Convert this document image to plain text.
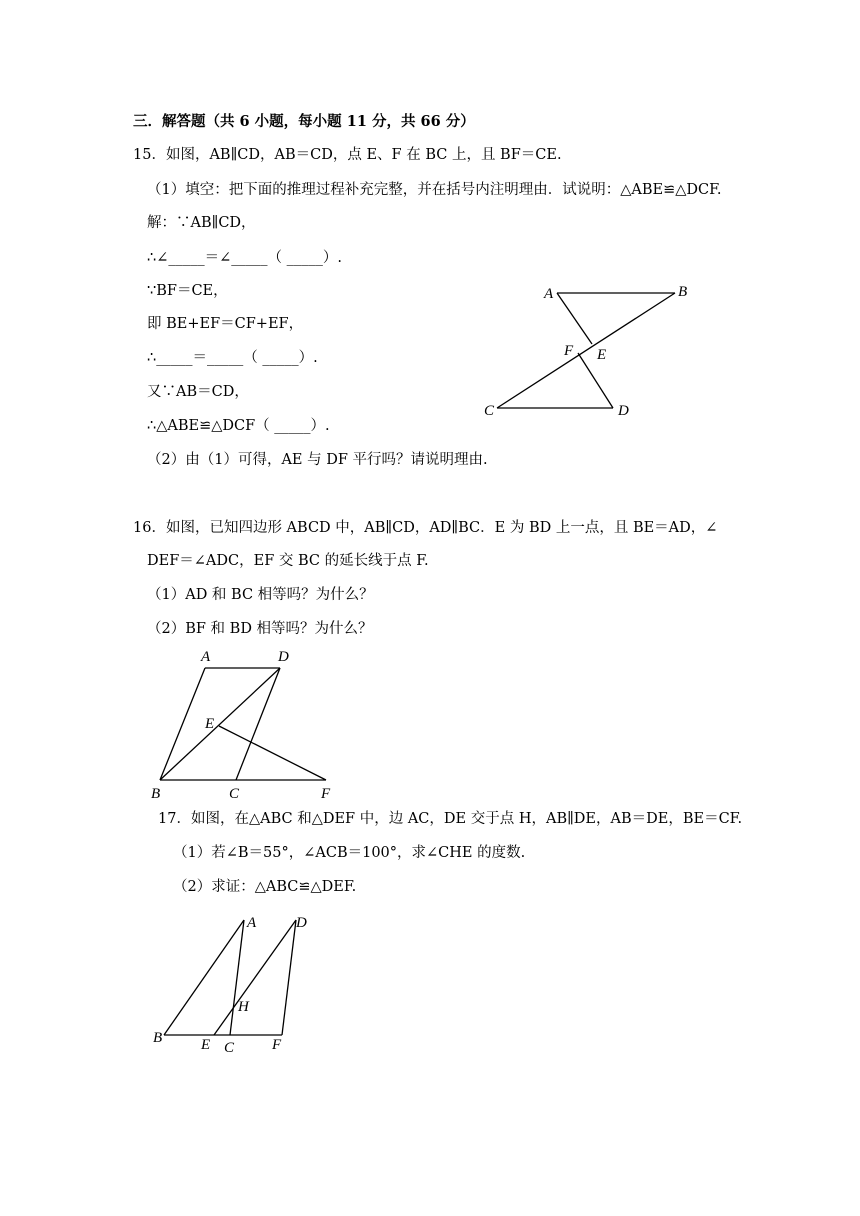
三．解答题（共 6 小题，每小题 11 分，共 66 分）
15．如图，AB∥CD，AB＝CD，点 E、F 在 BC 上，且 BF＝CE.
（1）填空：把下面的推理过程补充完整，并在括号内注明理由．试说明：△ABE≌△DCF.
解：∵AB∥CD，
∴∠_____＝∠_____（ _____）.
∵BF＝CE，
即 BE+EF＝CF+EF，
∴_____＝_____（ _____）.
又∵AB＝CD，
∴△ABE≌△DCF（ _____）.
（2）由（1）可得，AE 与 DF 平行吗？请说明理由.
A	B
C	D
E
F
16．如图，已知四边形 ABCD 中，AB∥CD，AD∥BC．E 为 BD 上一点，且 BE＝AD，∠
DEF＝∠ADC，EF 交 BC 的延长线于点 F.
（1）AD 和 BC 相等吗？为什么？
（2）BF 和 BD 相等吗？为什么？
A	D
E
B	C	F
17．如图，在△ABC 和△DEF 中，边 AC，DE 交于点 H，AB∥DE，AB＝DE，BE＝CF.
（1）若∠B＝55°，∠ACB＝100°，求∠CHE 的度数.
（2）求证：△ABC≌△DEF.
A	D
H
B	E C	F
